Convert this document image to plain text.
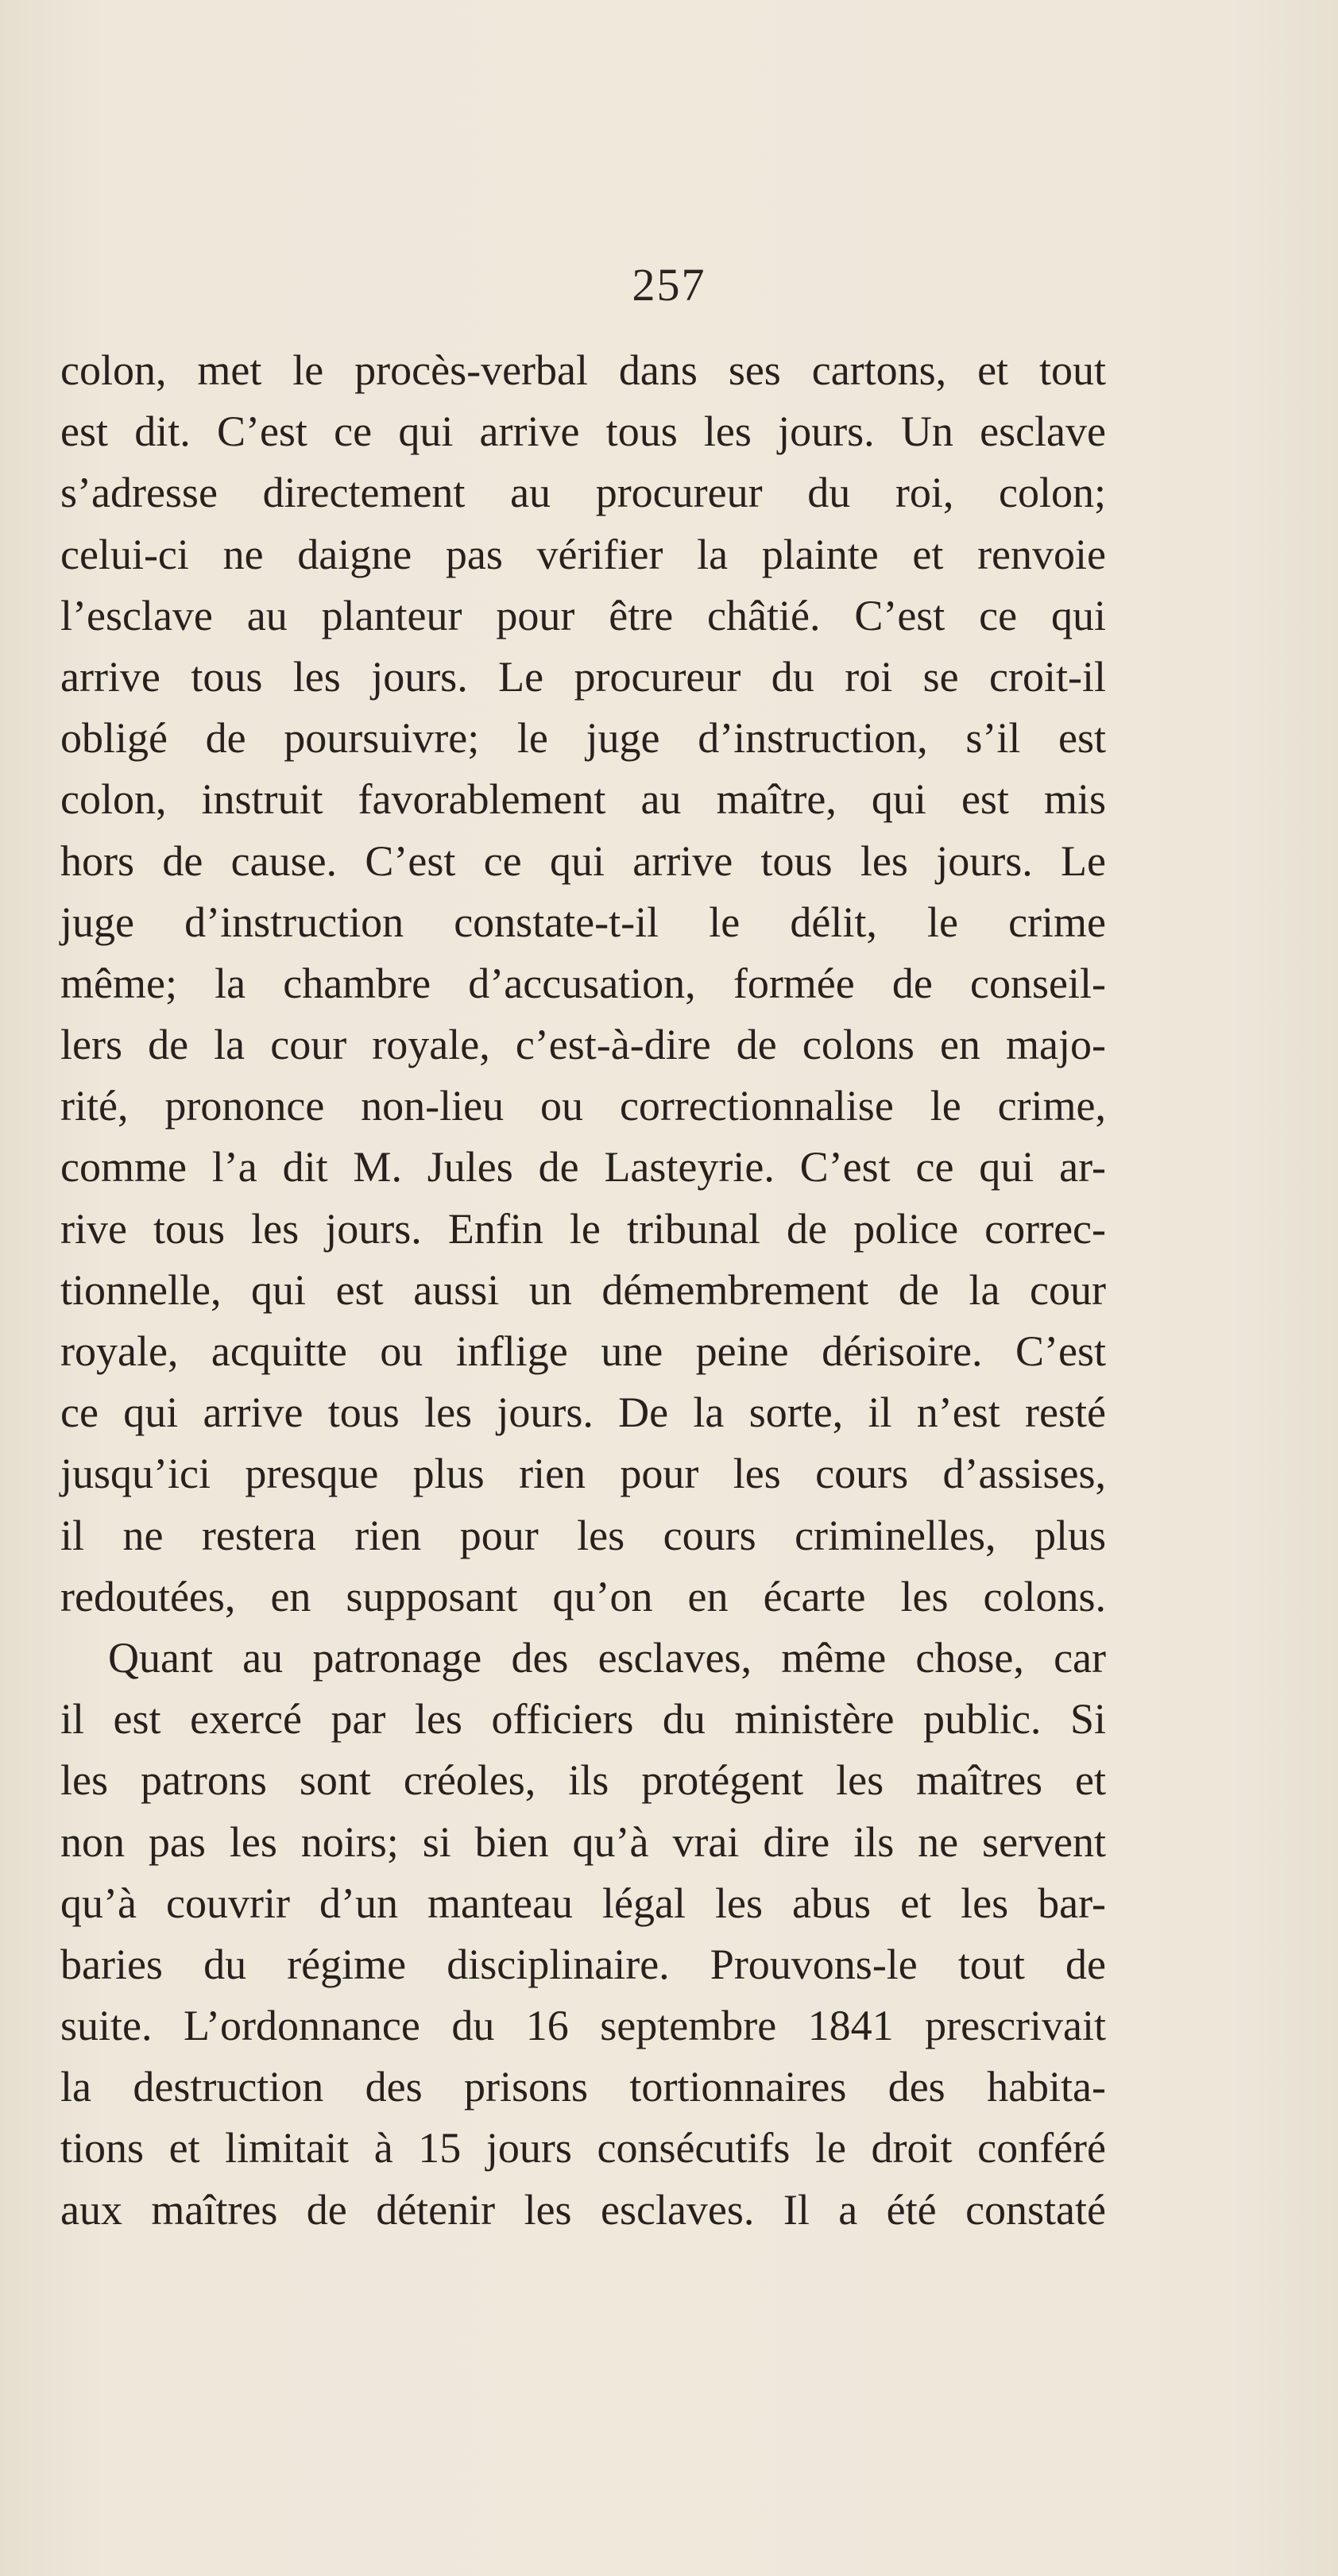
257
colon, met le procès-verbal dans ses cartons, et tout
est dit. C’est ce qui arrive tous les jours. Un esclave
s’adresse directement au procureur du roi, colon;
celui-ci ne daigne pas vérifier la plainte et renvoie
l’esclave au planteur pour être châtié. C’est ce qui
arrive tous les jours. Le procureur du roi se croit-il
obligé de poursuivre; le juge d’instruction, s’il est
colon, instruit favorablement au maître, qui est mis
hors de cause. C’est ce qui arrive tous les jours. Le
juge d’instruction constate-t-il le délit, le crime
même; la chambre d’accusation, formée de conseil-
lers de la cour royale, c’est-à-dire de colons en majo-
rité, prononce non-lieu ou correctionnalise le crime,
comme l’a dit M. Jules de Lasteyrie. C’est ce qui ar-
rive tous les jours. Enfin le tribunal de police correc-
tionnelle, qui est aussi un démembrement de la cour
royale, acquitte ou inflige une peine dérisoire. C’est
ce qui arrive tous les jours. De la sorte, il n’est resté
jusqu’ici presque plus rien pour les cours d’assises,
il ne restera rien pour les cours criminelles, plus
redoutées, en supposant qu’on en écarte les colons.
Quant au patronage des esclaves, même chose, car
il est exercé par les officiers du ministère public. Si
les patrons sont créoles, ils protégent les maîtres et
non pas les noirs; si bien qu’à vrai dire ils ne servent
qu’à couvrir d’un manteau légal les abus et les bar-
baries du régime disciplinaire. Prouvons-le tout de
suite. L’ordonnance du 16 septembre 1841 prescrivait
la destruction des prisons tortionnaires des habita-
tions et limitait à 15 jours consécutifs le droit conféré
aux maîtres de détenir les esclaves. Il a été constaté
